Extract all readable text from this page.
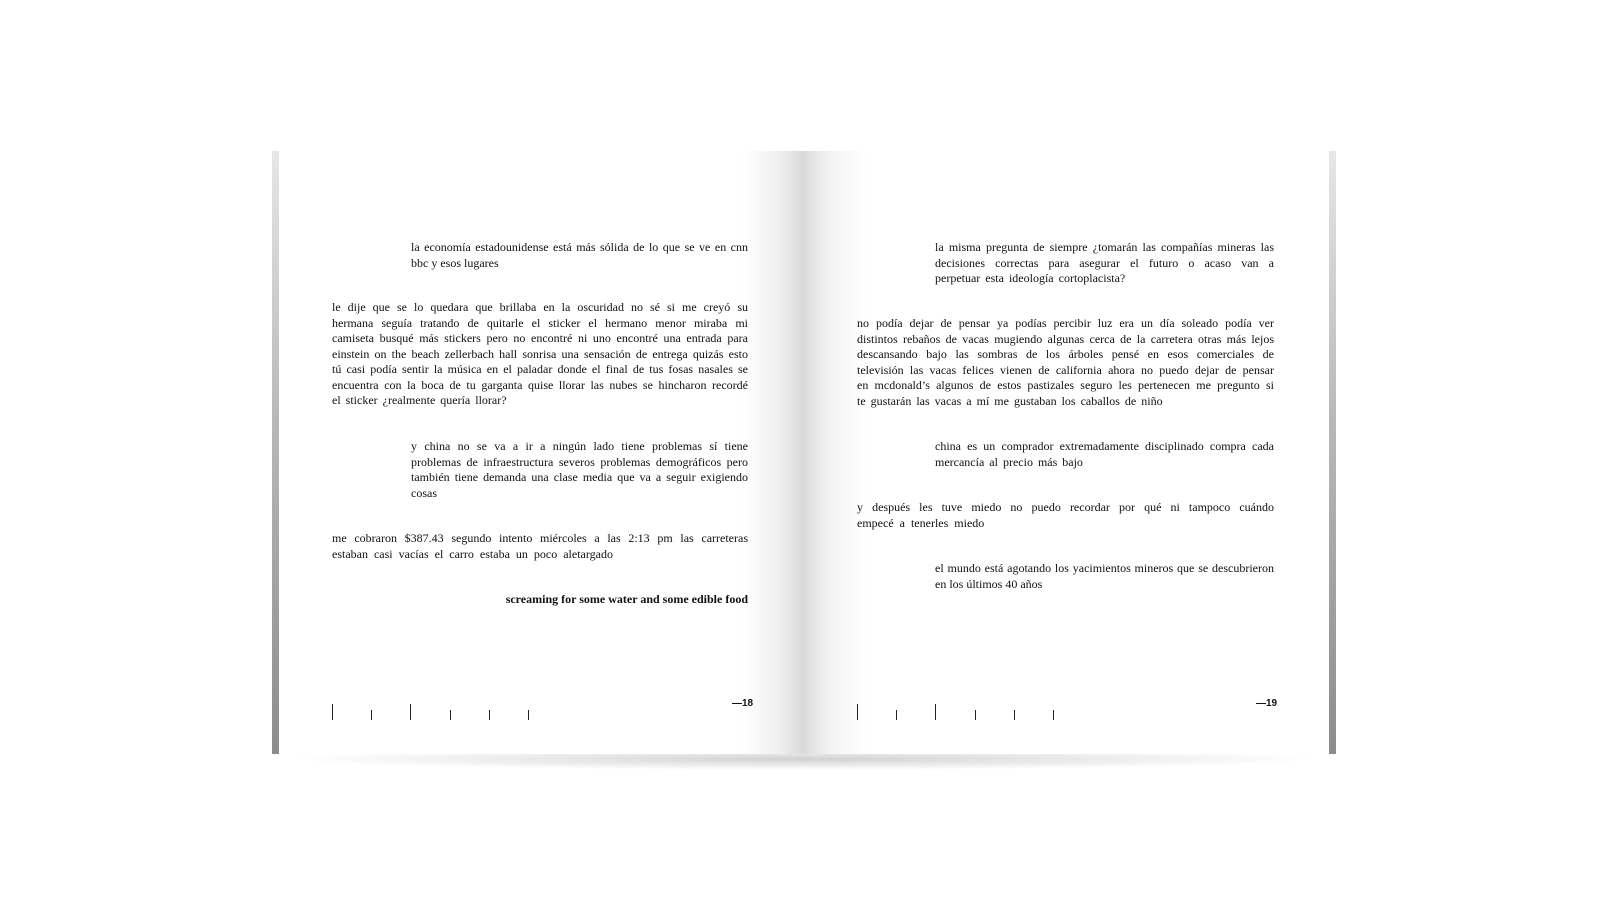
la economía estadounidense está más sólida de lo que se ve en cnn bbc y esos lugares
le dije que se lo quedara que brillaba en la oscuridad no sé si me creyó su hermana seguía tratando de quitarle el sticker el hermano menor miraba mi camiseta busqué más stickers pero no encontré ni uno encontré una entrada para einstein on the beach zellerbach hall sonrisa una sensación de entrega quizás esto tú casi podía sentir la música en el paladar donde el final de tus fosas nasales se encuentra con la boca de tu garganta quise llorar las nubes se hincharon recordé el sticker ¿realmente quería llorar?
y china no se va a ir a ningún lado tiene problemas sí tiene problemas de infraestructura severos problemas demográficos pero también tiene demanda una clase media que va a seguir exigiendo cosas
me cobraron $387.43 segundo intento miércoles a las 2:13 pm las carreteras estaban casi vacías el carro estaba un poco aletargado
screaming for some water and some edible food
—18
la misma pregunta de siempre ¿tomarán las compañías mineras las decisiones correctas para asegurar el futuro o acaso van a perpetuar esta ideología cortoplacista?
no podía dejar de pensar ya podías percibir luz era un día soleado podía ver distintos rebaños de vacas mugiendo algunas cerca de la carretera otras más lejos descansando bajo las sombras de los árboles pensé en esos comerciales de televisión las vacas felices vienen de california ahora no puedo dejar de pensar en mcdonald’s algunos de estos pastizales seguro les pertenecen me pregunto si te gustarán las vacas a mí me gustaban los caballos de niño
china es un comprador extremadamente disciplinado compra cada mercancía al precio más bajo
y después les tuve miedo no puedo recordar por qué ni tampoco cuándo empecé a tenerles miedo
el mundo está agotando los yacimientos mineros que se descubrieron en los últimos 40 años
—19
